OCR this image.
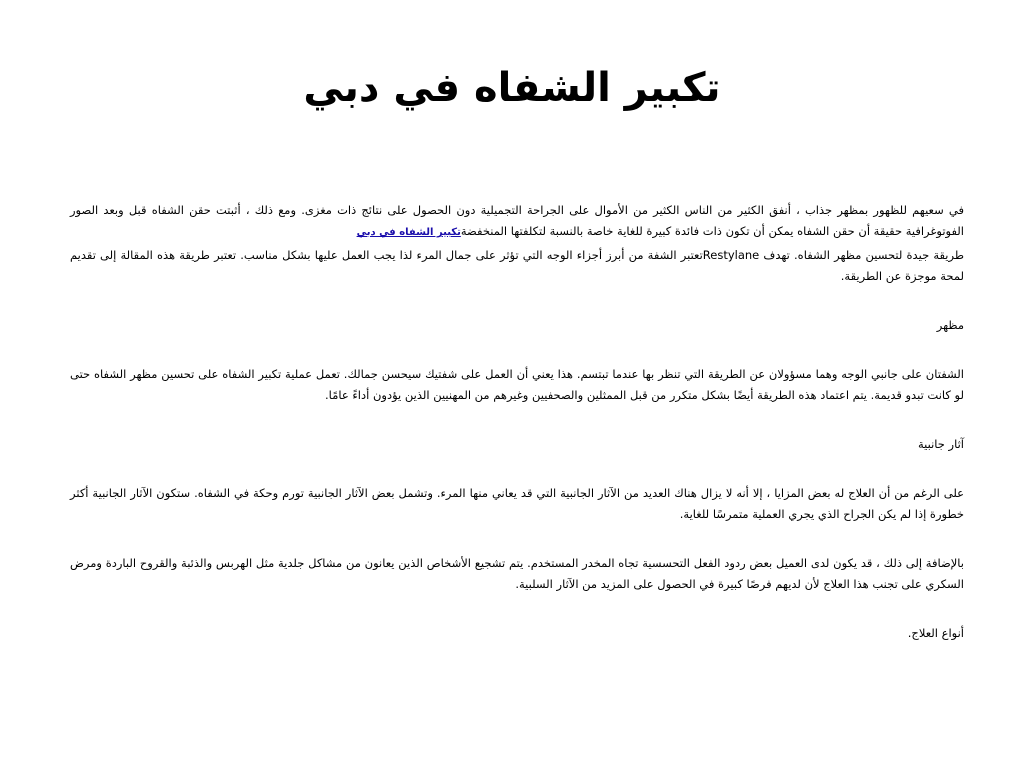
تكبير الشفاه في دبي

في سعيهم للظهور بمظهر جذاب ، أنفق الكثير من الناس الكثير من الأموال على الجراحة التجميلية دون الحصول على نتائج ذات مغزى. ومع ذلك ، أثبتت حقن الشفاه قبل وبعد الصور الفوتوغرافية حقيقة أن حقن الشفاه يمكن أن تكون ذات فائدة كبيرة للغاية خاصة بالنسبة لتكلفتها المنخفضةتكبير الشفاه في دبي

طريقة جيدة لتحسين مظهر الشفاه. تهدف Restylaneتعتبر الشفة من أبرز أجزاء الوجه التي تؤثر على جمال المرء لذا يجب العمل عليها بشكل مناسب. تعتبر طريقة هذه المقالة إلى تقديم لمحة موجزة عن الطريقة.

مظهر

الشفتان على جانبي الوجه وهما مسؤولان عن الطريقة التي تنظر بها عندما تبتسم. هذا يعني أن العمل على شفتيك سيحسن جمالك. تعمل عملية تكبير الشفاه على تحسين مظهر الشفاه حتى لو كانت تبدو قديمة. يتم اعتماد هذه الطريقة أيضًا بشكل متكرر من قبل الممثلين والصحفيين وغيرهم من المهنيين الذين يؤدون أداءً عامًا.

آثار جانبية

على الرغم من أن العلاج له بعض المزايا ، إلا أنه لا يزال هناك العديد من الآثار الجانبية التي قد يعاني منها المرء. وتشمل بعض الآثار الجانبية تورم وحكة في الشفاه. ستكون الآثار الجانبية أكثر خطورة إذا لم يكن الجراح الذي يجري العملية متمرسًا للغاية.

بالإضافة إلى ذلك ، قد يكون لدى العميل بعض ردود الفعل التحسسية تجاه المخدر المستخدم. يتم تشجيع الأشخاص الذين يعانون من مشاكل جلدية مثل الهربس والذئبة والقروح الباردة ومرض السكري على تجنب هذا العلاج لأن لديهم فرصًا كبيرة في الحصول على المزيد من الآثار السلبية.

أنواع العلاج.
